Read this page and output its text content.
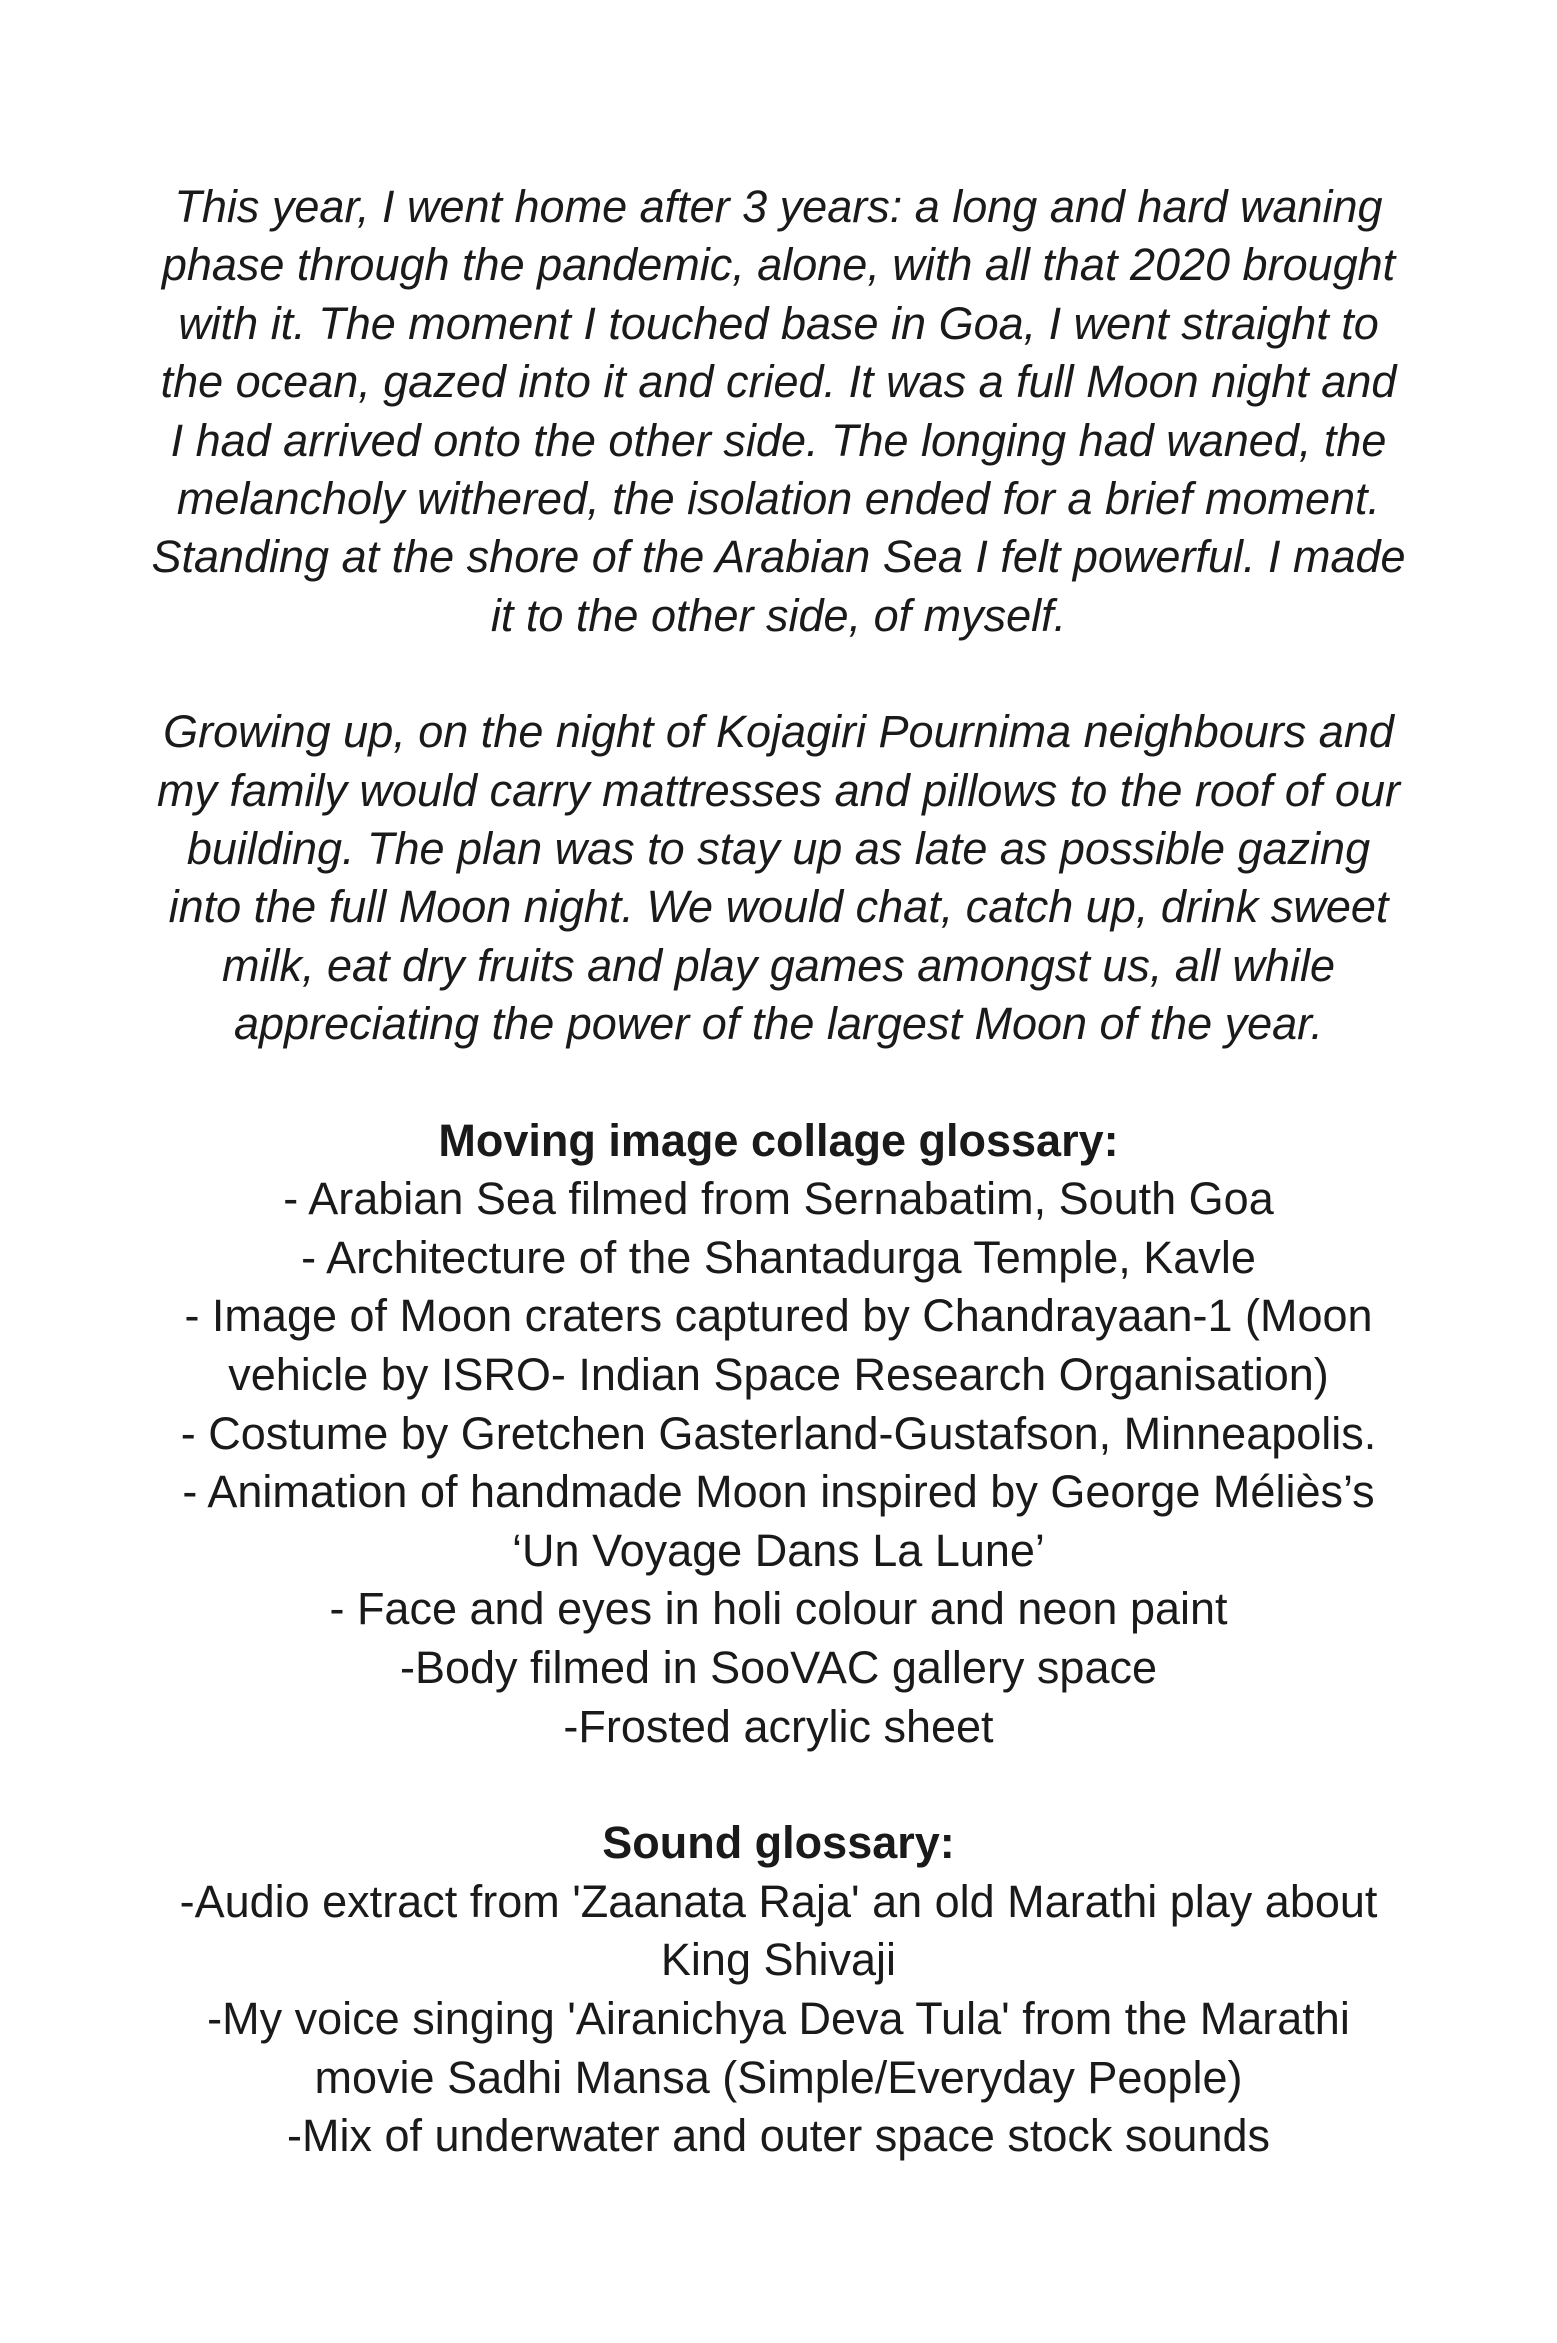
This year, I went home after 3 years: a long and hard waning
phase through the pandemic, alone, with all that 2020 brought
with it. The moment I touched base in Goa, I went straight to
the ocean, gazed into it and cried. It was a full Moon night and
I had arrived onto the other side. The longing had waned, the
melancholy withered, the isolation ended for a brief moment.
Standing at the shore of the Arabian Sea I felt powerful. I made
it to the other side, of myself.

Growing up, on the night of Kojagiri Pournima neighbours and
my family would carry mattresses and pillows to the roof of our
building. The plan was to stay up as late as possible gazing
into the full Moon night. We would chat, catch up, drink sweet
milk, eat dry fruits and play games amongst us, all while
appreciating the power of the largest Moon of the year.

Moving image collage glossary:
- Arabian Sea filmed from Sernabatim, South Goa
- Architecture of the Shantadurga Temple, Kavle
- Image of Moon craters captured by Chandrayaan-1 (Moon
vehicle by ISRO- Indian Space Research Organisation)
- Costume by Gretchen Gasterland-Gustafson, Minneapolis.
- Animation of handmade Moon inspired by George Méliès’s
‘Un Voyage Dans La Lune’
- Face and eyes in holi colour and neon paint
-Body filmed in SooVAC gallery space
-Frosted acrylic sheet
Sound glossary:
-Audio extract from 'Zaanata Raja' an old Marathi play about
King Shivaji
-My voice singing 'Airanichya Deva Tula' from the Marathi
movie Sadhi Mansa (Simple/Everyday People)
-Mix of underwater and outer space stock sounds
